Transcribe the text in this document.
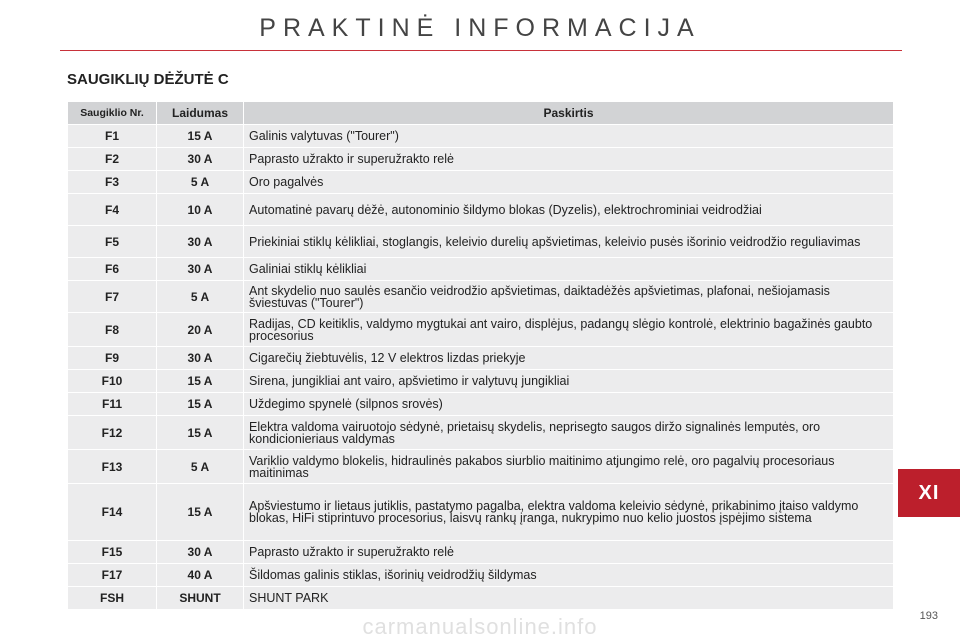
PRAKTINĖ INFORMACIJA
SAUGIKLIŲ DĖŽUTĖ C
Saugiklio Nr.	Laidumas	Paskirtis
F1	15 A	Galinis valytuvas ("Tourer")
F2	30 A	Paprasto užrakto ir superužrakto relė
F3	5 A	Oro pagalvės
F4	10 A	Automatinė pavarų dėžė, autonominio šildymo blokas (Dyzelis), elektrochrominiai veidrodžiai
F5	30 A	Priekiniai stiklų kėlikliai, stoglangis, keleivio durelių apšvietimas, keleivio pusės išorinio veidrodžio reguliavimas
F6	30 A	Galiniai stiklų kėlikliai
F7	5 A	Ant skydelio nuo saulės esančio veidrodžio apšvietimas, daiktadėžės apšvietimas, plafonai, nešiojamasis šviestuvas ("Tourer")
F8	20 A	Radijas, CD keitiklis, valdymo mygtukai ant vairo, displėjus, padangų slėgio kontrolė, elektrinio bagažinės gaubto procesorius
F9	30 A	Cigarečių žiebtuvėlis, 12 V elektros lizdas priekyje
F10	15 A	Sirena, jungikliai ant vairo, apšvietimo ir valytuvų jungikliai
F11	15 A	Uždegimo spynelė (silpnos srovės)
F12	15 A	Elektra valdoma vairuotojo sėdynė, prietaisų skydelis, neprisegto saugos diržo signalinės lemputės, oro kondicionieriaus valdymas
F13	5 A	Variklio valdymo blokelis, hidraulinės pakabos siurblio maitinimo atjungimo relė, oro pagalvių procesoriaus maitinimas
F14	15 A	Apšviestumo ir lietaus jutiklis, pastatymo pagalba, elektra valdoma keleivio sėdynė, prikabinimo įtaiso valdymo blokas, HiFi stiprintuvo procesorius, laisvų rankų įranga, nukrypimo nuo kelio juostos įspėjimo sistema
F15	30 A	Paprasto užrakto ir superužrakto relė
F17	40 A	Šildomas galinis stiklas, išorinių veidrodžių šildymas
FSH	SHUNT	SHUNT PARK
XI
193
carmanualsonline.info
